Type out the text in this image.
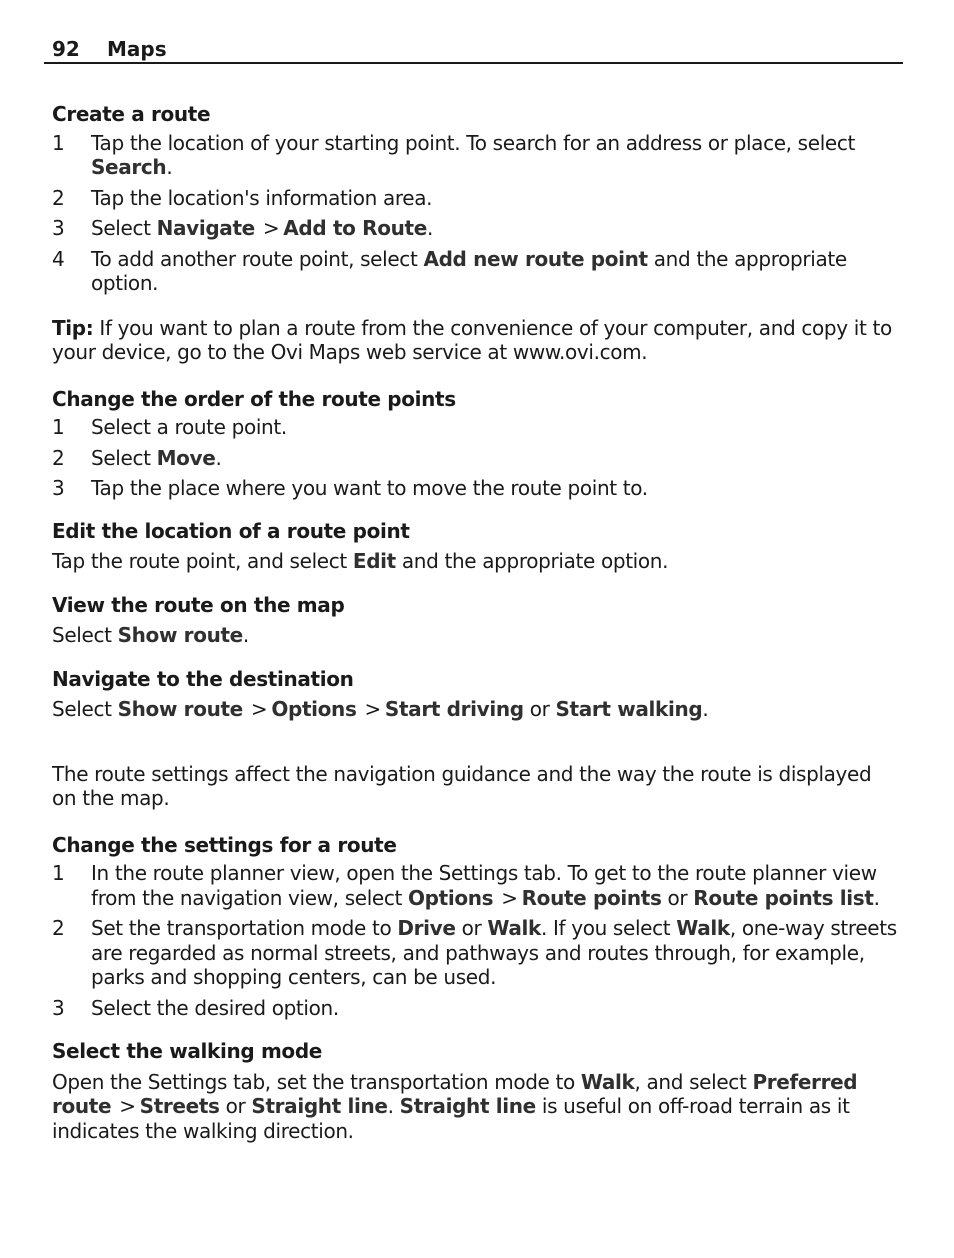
92 Maps

Create a route

1 Tap the location of your starting point. To search for an address or place, select Search.
2 Tap the location's information area.
3 Select Navigate > Add to Route.
4 To add another route point, select Add new route point and the appropriate option.

Tip: If you want to plan a route from the convenience of your computer, and copy it to your device, go to the Ovi Maps web service at www.ovi.com.

Change the order of the route points

1 Select a route point.
2 Select Move.
3 Tap the place where you want to move the route point to.

Edit the location of a route point

Tap the route point, and select Edit and the appropriate option.

View the route on the map

Select Show route.

Navigate to the destination

Select Show route > Options > Start driving or Start walking.

The route settings affect the navigation guidance and the way the route is displayed on the map.

Change the settings for a route

1 In the route planner view, open the Settings tab. To get to the route planner view from the navigation view, select Options > Route points or Route points list.
2 Set the transportation mode to Drive or Walk. If you select Walk, one-way streets are regarded as normal streets, and pathways and routes through, for example, parks and shopping centers, can be used.
3 Select the desired option.

Select the walking mode

Open the Settings tab, set the transportation mode to Walk, and select Preferred route > Streets or Straight line. Straight line is useful on off-road terrain as it indicates the walking direction.
